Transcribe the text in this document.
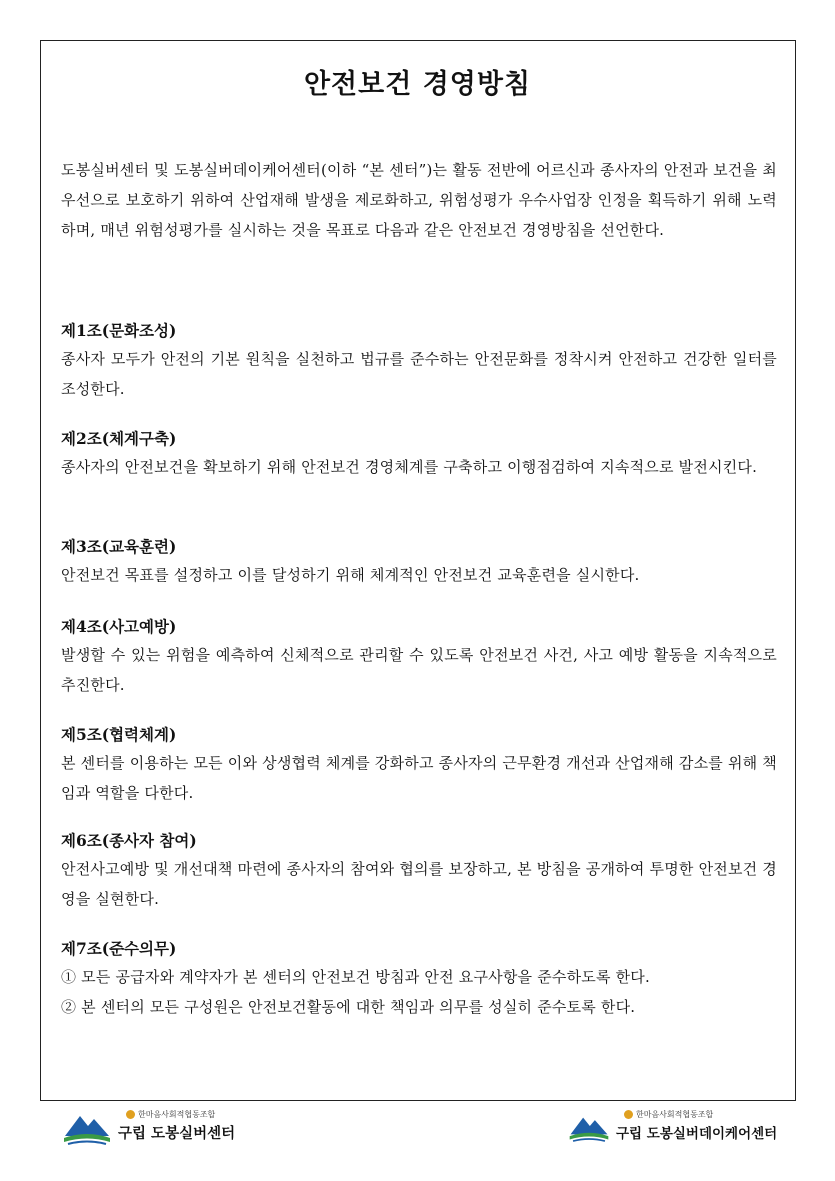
안전보건 경영방침

도봉실버센터 및 도봉실버데이케어센터(이하 “본 센터”)는 활동 전반에 어르신과 종사자의 안전과 보건을 최우선으로 보호하기 위하여 산업재해 발생을 제로화하고, 위험성평가 우수사업장 인정을 획득하기 위해 노력하며, 매년 위험성평가를 실시하는 것을 목표로 다음과 같은 안전보건 경영방침을 선언한다.

제1조(문화조성)

종사자 모두가 안전의 기본 원칙을 실천하고 법규를 준수하는 안전문화를 정착시켜 안전하고 건강한 일터를 조성한다.

제2조(체계구축)

종사자의 안전보건을 확보하기 위해 안전보건 경영체계를 구축하고 이행점검하여 지속적으로 발전시킨다.

제3조(교육훈련)

안전보건 목표를 설정하고 이를 달성하기 위해 체계적인 안전보건 교육훈련을 실시한다.

제4조(사고예방)

발생할 수 있는 위험을 예측하여 신체적으로 관리할 수 있도록 안전보건 사건, 사고 예방 활동을 지속적으로 추진한다.

제5조(협력체계)

본 센터를 이용하는 모든 이와 상생협력 체계를 강화하고 종사자의 근무환경 개선과 산업재해 감소를 위해 책임과 역할을 다한다.

제6조(종사자 참여)

안전사고예방 및 개선대책 마련에 종사자의 참여와 협의를 보장하고, 본 방침을 공개하여 투명한 안전보건 경영을 실현한다.

제7조(준수의무)

① 모든 공급자와 계약자가 본 센터의 안전보건 방침과 안전 요구사항을 준수하도록 한다.

② 본 센터의 모든 구성원은 안전보건활동에 대한 책임과 의무를 성실히 준수토록 한다.

한마음사회적협동조합
구립 도봉실버센터
한마음사회적협동조합
구립 도봉실버데이케어센터
